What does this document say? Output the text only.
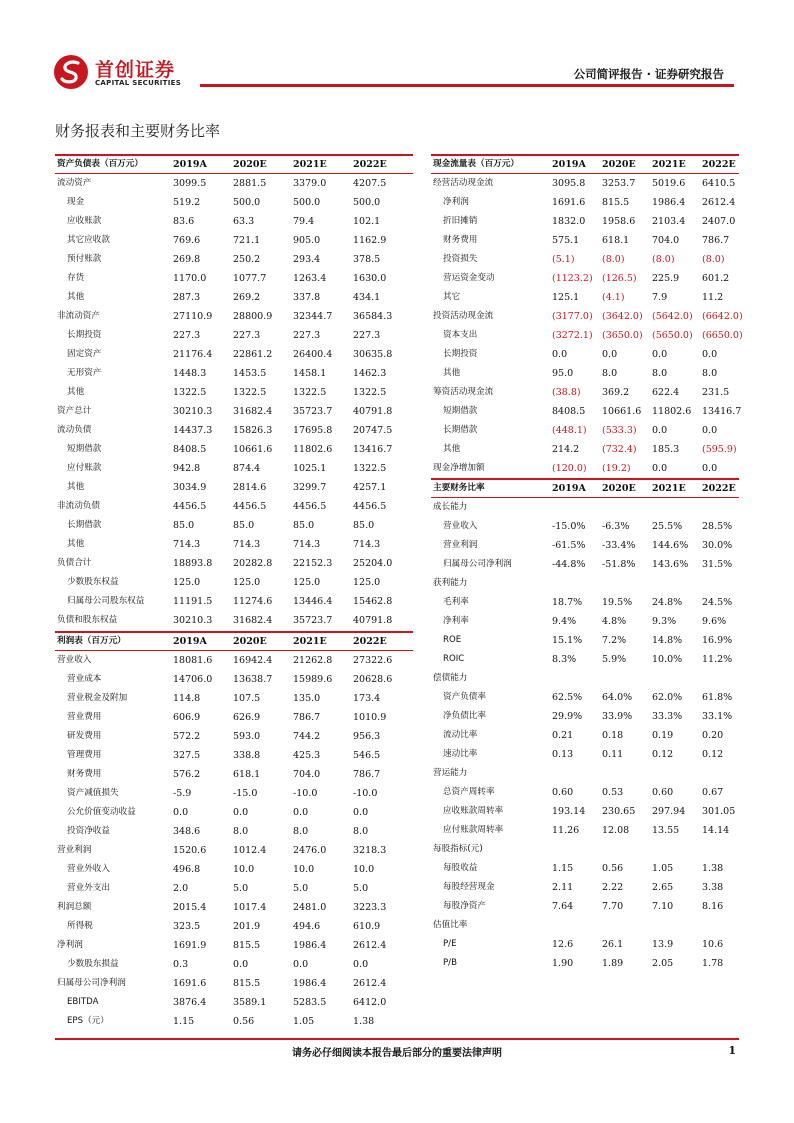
首创证券
CAPITAL SECURITIES
公司简评报告 · 证券研究报告
财务报表和主要财务比率
资产负债表（百万元）	2019A	2020E	2021E	2022E
流动资产	3099.5	2881.5	3379.0	4207.5
现金	519.2	500.0	500.0	500.0
应收账款	83.6	63.3	79.4	102.1
其它应收款	769.6	721.1	905.0	1162.9
预付账款	269.8	250.2	293.4	378.5
存货	1170.0	1077.7	1263.4	1630.0
其他	287.3	269.2	337.8	434.1
非流动资产	27110.9 28800.9 32344.7 36584.3
长期投资	227.3	227.3	227.3	227.3
固定资产	21176.4 22861.2 26400.4 30635.8
无形资产	1448.3	1453.5	1458.1	1462.3
其他	1322.5	1322.5	1322.5	1322.5
资产总计	30210.3 31682.4 35723.7 40791.8
流动负债	14437.3 15826.3 17695.8 20747.5
短期借款	8408.5	10661.6 11802.6 13416.7
应付账款	942.8	874.4	1025.1	1322.5
其他	3034.9	2814.6	3299.7	4257.1
非流动负债	4456.5	4456.5	4456.5	4456.5
长期借款	85.0	85.0	85.0	85.0
其他	714.3	714.3	714.3	714.3
负债合计	18893.8 20282.8 22152.3 25204.0
少数股东权益	125.0	125.0	125.0	125.0
归属母公司股东权益	11191.5 11274.6 13446.4 15462.8
负债和股东权益	30210.3 31682.4 35723.7 40791.8
利润表（百万元）	2019A	2020E	2021E	2022E
营业收入	18081.6 16942.4 21262.8 27322.6
营业成本	14706.0 13638.7 15989.6 20628.6
营业税金及附加	114.8	107.5	135.0	173.4
营业费用	606.9	626.9	786.7	1010.9
研发费用	572.2	593.0	744.2	956.3
管理费用	327.5	338.8	425.3	546.5
财务费用	576.2	618.1	704.0	786.7
资产减值损失	-5.9	-15.0	-10.0	-10.0
公允价值变动收益	0.0	0.0	0.0	0.0
投资净收益	348.6	8.0	8.0	8.0
营业利润	1520.6	1012.4	2476.0	3218.3
营业外收入	496.8	10.0	10.0	10.0
营业外支出	2.0	5.0	5.0	5.0
利润总额	2015.4	1017.4	2481.0	3223.3
所得税	323.5	201.9	494.6	610.9
净利润	1691.9	815.5	1986.4	2612.4
少数股东损益	0.3	0.0	0.0	0.0
归属母公司净利润	1691.6	815.5	1986.4	2612.4
EBITDA	3876.4	3589.1	5283.5	6412.0
EPS（元）	1.15	0.56	1.05	1.38
现金流量表（百万元）	2019A 2020E 2021E 2022E
经营活动现金流	3095.8 3253.7 5019.6 6410.5
净利润	1691.6 815.5 1986.4 2612.4
折旧摊销	1832.0 1958.6 2103.4 2407.0
财务费用	575.1 618.1 704.0 786.7
投资损失	(5.1)	(8.0)	(8.0)	(8.0)
营运资金变动	(1123.2) (126.5) 225.9 601.2
其它	125.1 (4.1)	7.9	11.2
投资活动现金流	(3177.0) (3642.0) (5642.0) (6642.0)
资本支出	(3272.1) (3650.0) (5650.0) (6650.0)
长期投资	0.0	0.0	0.0	0.0
其他	95.0	8.0	8.0	8.0
筹资活动现金流	(38.8) 369.2 622.4 231.5
短期借款	8408.5 10661.6 11802.6 13416.7
长期借款	(448.1) (533.3) 0.0	0.0
其他	214.2 (732.4) 185.3 (595.9)
现金净增加额	(120.0) (19.2) 0.0	0.0
主要财务比率	2019A 2020E 2021E 2022E
成长能力
营业收入	-15.0% -6.3% 25.5% 28.5%
营业利润	-61.5% -33.4% 144.6% 30.0%
归属母公司净利润	-44.8% -51.8% 143.6% 31.5%
获利能力
毛利率	18.7% 19.5% 24.8% 24.5%
净利率	9.4%	4.8%	9.3%	9.6%
ROE	15.1% 7.2%	14.8% 16.9%
ROIC	8.3%	5.9%	10.0% 11.2%
偿债能力
资产负债率	62.5% 64.0% 62.0% 61.8%
净负债比率	29.9% 33.9% 33.3% 33.1%
流动比率	0.21	0.18	0.19	0.20
速动比率	0.13	0.11	0.12	0.12
营运能力
总资产周转率	0.60	0.53	0.60	0.67
应收账款周转率	193.14 230.65 297.94 301.05
应付账款周转率	11.26 12.08 13.55 14.14
每股指标(元)
每股收益	1.15	0.56	1.05	1.38
每股经营现金	2.11	2.22	2.65	3.38
每股净资产	7.64	7.70	7.10	8.16
估值比率
P/E	12.6	26.1	13.9	10.6
P/B	1.90	1.89	2.05	1.78
请务必仔细阅读本报告最后部分的重要法律声明	1
